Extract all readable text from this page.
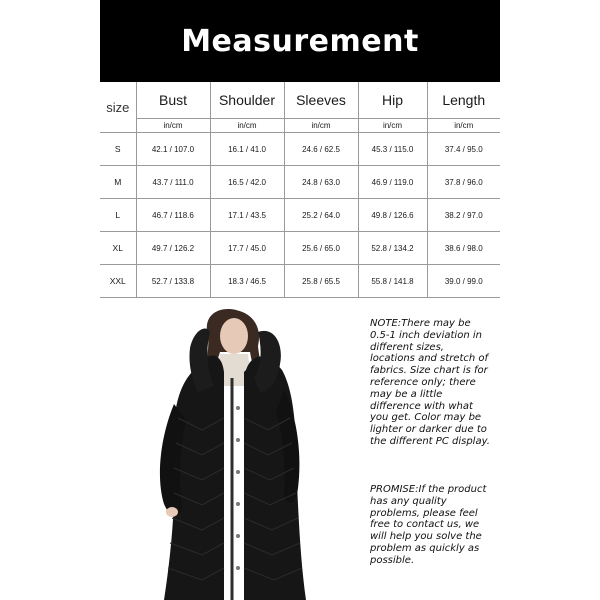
Measurement
size	Bust	Shoulder	Sleeves	Hip	Length
	in/cm	in/cm	in/cm	in/cm	in/cm
S	42.1 / 107.0	16.1 / 41.0	24.6 / 62.5	45.3 / 115.0	37.4 / 95.0
M	43.7 / 111.0	16.5 / 42.0	24.8 / 63.0	46.9 / 119.0	37.8 / 96.0
L	46.7 / 118.6	17.1 / 43.5	25.2 / 64.0	49.8 / 126.6	38.2 / 97.0
XL	49.7 / 126.2	17.7 / 45.0	25.6 / 65.0	52.8 / 134.2	38.6 / 98.0
XXL	52.7 / 133.8	18.3 / 46.5	25.8 / 65.5	55.8 / 141.8	39.0 / 99.0
NOTE:There may be 0.5-1 inch deviation in different sizes, locations and stretch of fabrics. Size chart is for reference only; there may be a little difference with what you get. Color may be lighter or darker due to the different PC display.
PROMISE:If the product has any quality problems, please feel free to contact us, we will help you solve the problem as quickly as possible.
